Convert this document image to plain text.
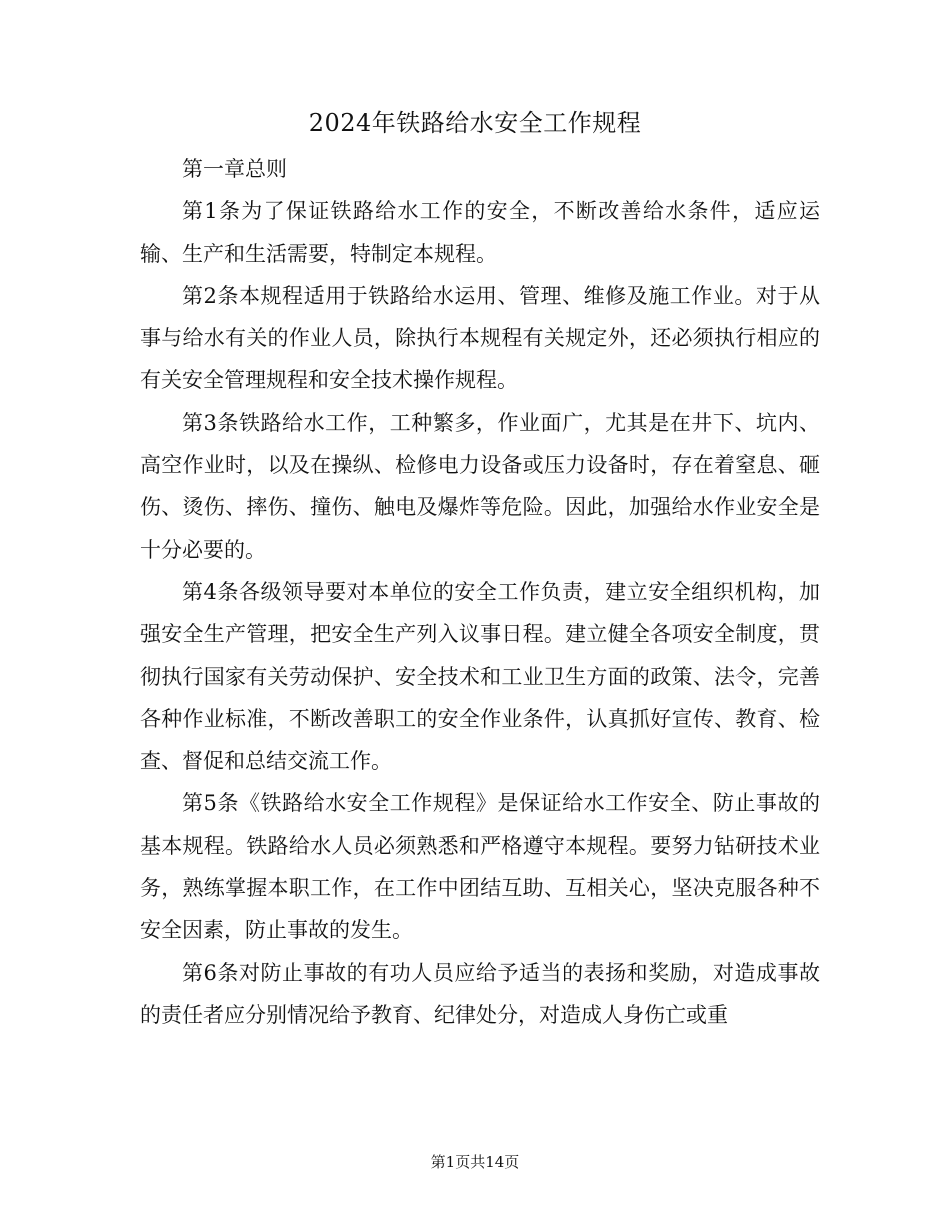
2024年铁路给水安全工作规程

第一章总则

第1条为了保证铁路给水工作的安全，不断改善给水条件，适应运输、生产和生活需要，特制定本规程。

第2条本规程适用于铁路给水运用、管理、维修及施工作业。对于从事与给水有关的作业人员，除执行本规程有关规定外，还必须执行相应的有关安全管理规程和安全技术操作规程。

第3条铁路给水工作，工种繁多，作业面广，尤其是在井下、坑内、高空作业时，以及在操纵、检修电力设备或压力设备时，存在着窒息、砸伤、烫伤、摔伤、撞伤、触电及爆炸等危险。因此，加强给水作业安全是十分必要的。

第4条各级领导要对本单位的安全工作负责，建立安全组织机构，加强安全生产管理，把安全生产列入议事日程。建立健全各项安全制度，贯彻执行国家有关劳动保护、安全技术和工业卫生方面的政策、法令，完善各种作业标准，不断改善职工的安全作业条件，认真抓好宣传、教育、检查、督促和总结交流工作。

第5条《铁路给水安全工作规程》是保证给水工作安全、防止事故的基本规程。铁路给水人员必须熟悉和严格遵守本规程。要努力钻研技术业务，熟练掌握本职工作，在工作中团结互助、互相关心，坚决克服各种不安全因素，防止事故的发生。

第6条对防止事故的有功人员应给予适当的表扬和奖励，对造成事故的责任者应分别情况给予教育、纪律处分，对造成人身伤亡或重

第1页共14页
